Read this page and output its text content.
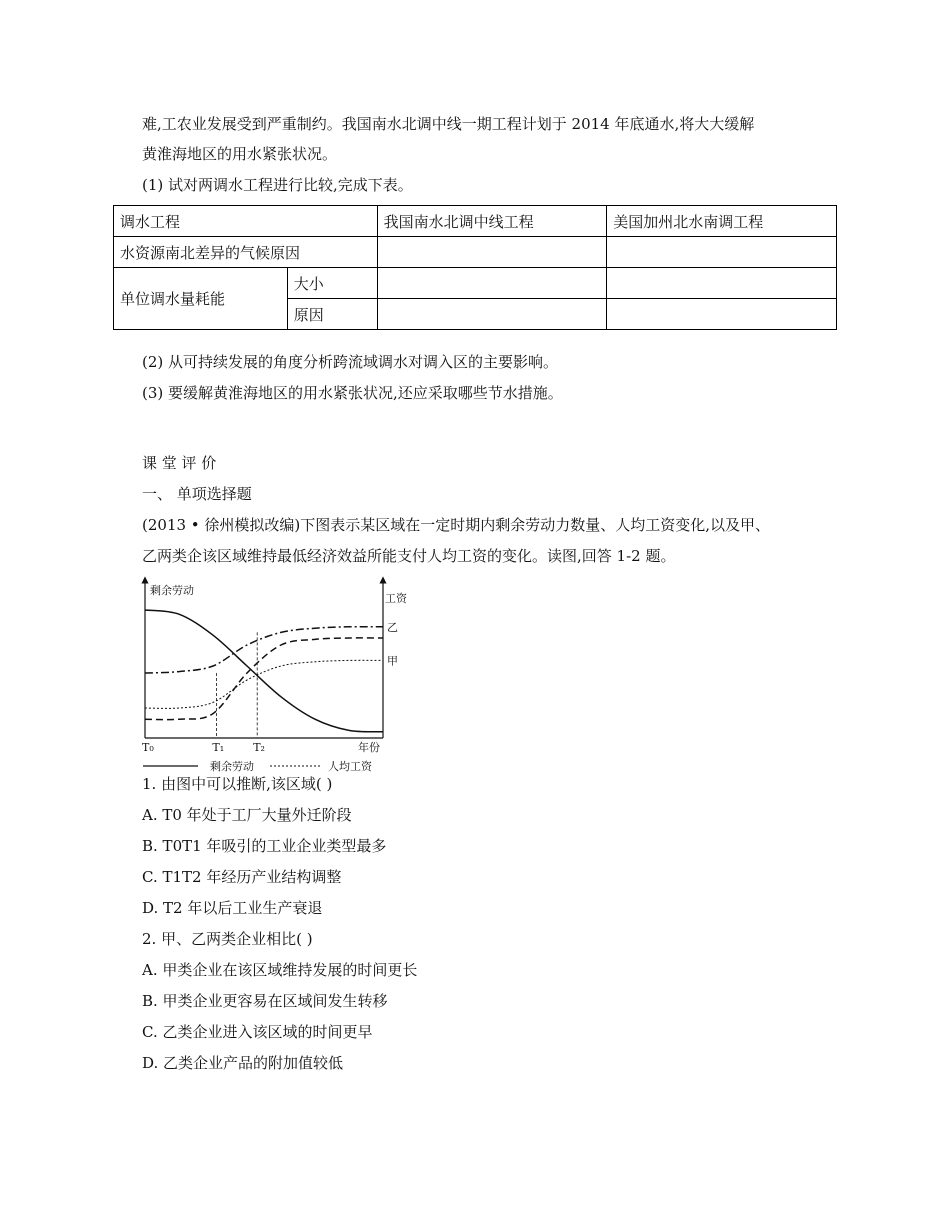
难,工农业发展受到严重制约。我国南水北调中线一期工程计划于 2014 年底通水,将大大缓解
黄淮海地区的用水紧张状况。
(1) 试对两调水工程进行比较,完成下表。
调水工程		我国南水北调中线工程	美国加州北水南调工程
水资源南北差异的气候原因			
单位调水量耗能	大小		
	原因		
(2) 从可持续发展的角度分析跨流域调水对调入区的主要影响。
(3) 要缓解黄淮海地区的用水紧张状况,还应采取哪些节水措施。
课 堂 评 价
一、 单项选择题
(2013 • 徐州模拟改编)下图表示某区域在一定时期内剩余劳动力数量、人均工资变化,以及甲、
乙两类企该区域维持最低经济效益所能支付人均工资的变化。读图,回答 1-2 题。
剩余劳动
工资
乙
甲
T₀	T₁	T₂	年份
剩余劳动	人均工资
1. 由图中可以推断,该区域( )
A. T0 年处于工厂大量外迁阶段
B. T0T1 年吸引的工业企业类型最多
C. T1T2 年经历产业结构调整
D. T2 年以后工业生产衰退
2. 甲、乙两类企业相比( )
A. 甲类企业在该区域维持发展的时间更长
B. 甲类企业更容易在区域间发生转移
C. 乙类企业进入该区域的时间更早
D. 乙类企业产品的附加值较低
